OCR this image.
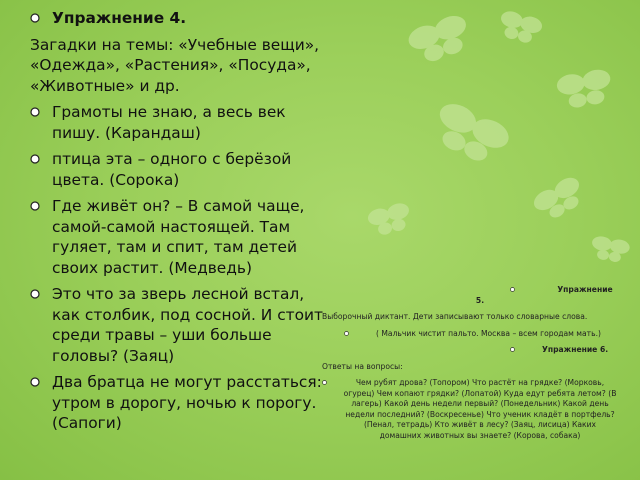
Упражнение 4.
Загадки на темы: «Учебные вещи», «Одежда», «Растения», «Посуда», «Животные» и др.
Грамоты не знаю, а весь век пишу. (Карандаш)
птица эта – одного с берёзой цвета. (Сорока)
Где живёт он? – В самой чаще, самой-самой настоящей. Там гуляет, там и спит, там детей своих растит. (Медведь)
Это что за зверь лесной встал, как столбик, под сосной. И стоит среди травы – уши больше головы? (Заяц)
Два братца не могут расстаться: утром в дорогу, ночью к порогу. (Сапоги)
Упражнение 5.
Выборочный диктант. Дети записывают только словарные слова.
( Мальчик чистит пальто. Москва – всем городам мать.)
Упражнение 6.
Ответы на вопросы:
Чем рубят дрова? (Топором) Что растёт на грядке? (Морковь, огурец) Чем копают грядки? (Лопатой) Куда едут ребята летом? (В лагерь) Какой день недели первый? (Понедельник) Какой день недели последний? (Воскресенье) Что ученик кладёт в портфель? (Пенал, тетрадь) Кто живёт в лесу? (Заяц, лисица) Каких домашних животных вы знаете? (Корова, собака)
